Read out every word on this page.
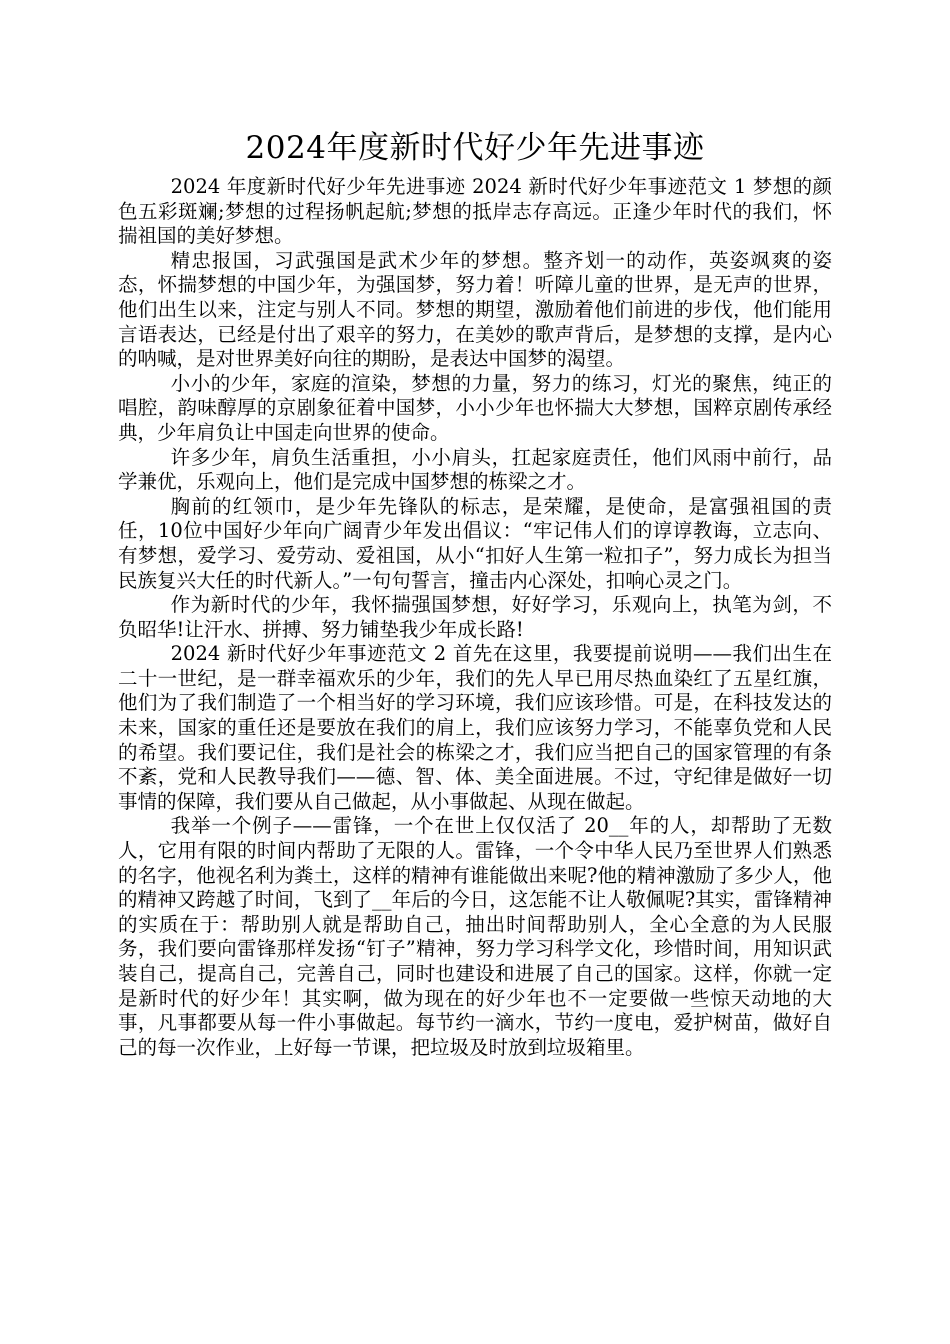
2024年度新时代好少年先进事迹

2024 年度新时代好少年先进事迹 2024 新时代好少年事迹范文 1 梦想的颜色五彩斑斓;梦想的过程扬帆起航;梦想的抵岸志存高远。正逢少年时代的我们，怀揣祖国的美好梦想。

精忠报国，习武强国是武术少年的梦想。整齐划一的动作，英姿飒爽的姿态，怀揣梦想的中国少年，为强国梦，努力着！听障儿童的世界，是无声的世界，他们出生以来，注定与别人不同。梦想的期望，激励着他们前进的步伐，他们能用言语表达，已经是付出了艰辛的努力，在美妙的歌声背后，是梦想的支撑，是内心的呐喊，是对世界美好向往的期盼，是表达中国梦的渴望。

小小的少年，家庭的渲染，梦想的力量，努力的练习，灯光的聚焦，纯正的唱腔，韵味醇厚的京剧象征着中国梦，小小少年也怀揣大大梦想，国粹京剧传承经典，少年肩负让中国走向世界的使命。

许多少年，肩负生活重担，小小肩头，扛起家庭责任，他们风雨中前行，品学兼优，乐观向上，他们是完成中国梦想的栋梁之才。

胸前的红领巾，是少年先锋队的标志，是荣耀，是使命，是富强祖国的责任，10位中国好少年向广阔青少年发出倡议：“牢记伟人们的谆谆教诲，立志向、有梦想，爱学习、爱劳动、爱祖国，从小“扣好人生第一粒扣子”，努力成长为担当民族复兴大任的时代新人。”一句句誓言，撞击内心深处，扣响心灵之门。

作为新时代的少年，我怀揣强国梦想，好好学习，乐观向上，执笔为剑，不负昭华!让汗水、拼搏、努力铺垫我少年成长路!

2024 新时代好少年事迹范文 2 首先在这里，我要提前说明——我们出生在二十一世纪，是一群幸福欢乐的少年，我们的先人早已用尽热血染红了五星红旗，他们为了我们制造了一个相当好的学习环境，我们应该珍惜。可是，在科技发达的未来，国家的重任还是要放在我们的肩上，我们应该努力学习，不能辜负党和人民的希望。我们要记住，我们是社会的栋梁之才，我们应当把自己的国家管理的有条不紊，党和人民教导我们——德、智、体、美全面进展。不过，守纪律是做好一切事情的保障，我们要从自己做起，从小事做起、从现在做起。

我举一个例子——雷锋，一个在世上仅仅活了 20__年的人，却帮助了无数人，它用有限的时间内帮助了无限的人。雷锋，一个令中华人民乃至世界人们熟悉的名字，他视名利为粪土，这样的精神有谁能做出来呢?他的精神激励了多少人，他的精神又跨越了时间，飞到了__年后的今日，这怎能不让人敬佩呢?其实，雷锋精神的实质在于：帮助别人就是帮助自己，抽出时间帮助别人，全心全意的为人民服务，我们要向雷锋那样发扬“钉子”精神，努力学习科学文化，珍惜时间，用知识武装自己，提高自己，完善自己，同时也建设和进展了自己的国家。这样，你就一定是新时代的好少年！其实啊，做为现在的好少年也不一定要做一些惊天动地的大事，凡事都要从每一件小事做起。每节约一滴水，节约一度电，爱护树苗，做好自己的每一次作业，上好每一节课，把垃圾及时放到垃圾箱里。
